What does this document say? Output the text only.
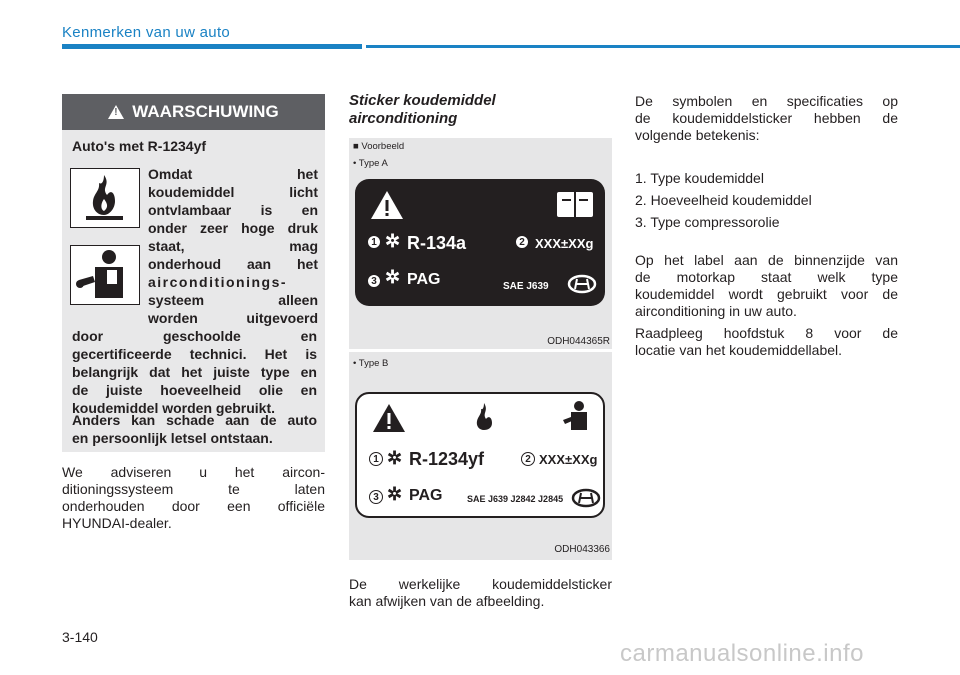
Kenmerken van uw auto
!
WAARSCHUWING
Auto's met R-1234yf
Omdat het
koudemiddel licht
ontvlambaar is en
onder zeer hoge druk
staat, mag
onderhoud aan het
airconditionings-
systeem alleen
worden uitgevoerd
door geschoolde en
gecertificeerde technici. Het is
belangrijk dat het juiste type en
de juiste hoeveelheid olie en
koudemiddel worden gebruikt.
Anders kan schade aan de auto
en persoonlijk letsel ontstaan.
We adviseren u het aircon-
ditioningssysteem te laten
onderhouden door een officiële
HYUNDAI-dealer.
Sticker koudemiddel
airconditioning
■ Voorbeeld
• Type A
1 ✲ R-134a	2 XXX±XXg
3 ✲ PAG	SAE J639
ODH044365R
• Type B
1 ✲ R-1234yf	2 XXX±XXg
3 ✲ PAG	SAE J639 J2842 J2845
ODH043366
De werkelijke koudemiddelsticker
kan afwijken van de afbeelding.
De symbolen en specificaties op
de koudemiddelsticker hebben de
volgende betekenis:
1. Type koudemiddel
2. Hoeveelheid koudemiddel
3. Type compressorolie
Op het label aan de binnenzijde van
de motorkap staat welk type
koudemiddel wordt gebruikt voor de
airconditioning in uw auto.
Raadpleeg hoofdstuk 8 voor de
locatie van het koudemiddellabel.
3-140
carmanualsonline.info
